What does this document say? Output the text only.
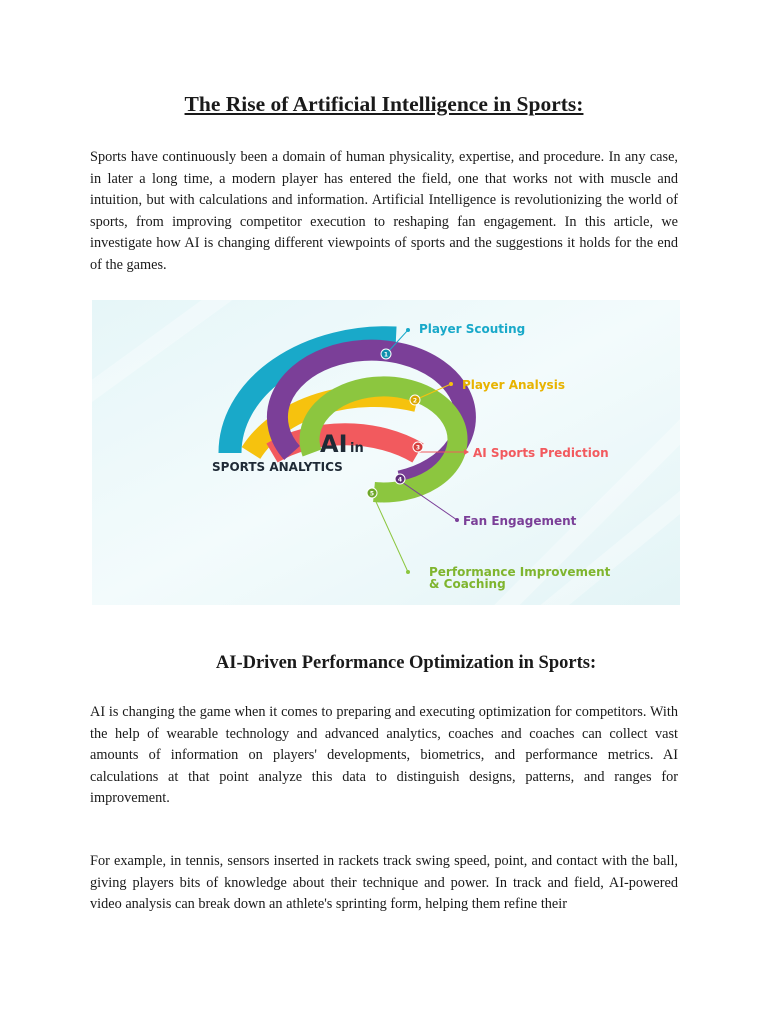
The Rise of Artificial Intelligence in Sports:

Sports have continuously been a domain of human physicality, expertise, and procedure. In any case, in later a long time, a modern player has entered the field, one that works not with muscle and intuition, but with calculations and information. Artificial Intelligence is revolutionizing the world of sports, from improving competitor execution to reshaping fan engagement. In this article, we investigate how AI is changing different viewpoints of sports and the suggestions it holds for the end of the games.

AI in
SPORTS ANALYTICS
1
2
3
4
5
Player Scouting
Player Analysis
AI Sports Prediction
Fan Engagement
Performance Improvement
& Coaching
AI-Driven Performance Optimization in Sports:

AI is changing the game when it comes to preparing and executing optimization for competitors. With the help of wearable technology and advanced analytics, coaches and coaches can collect vast amounts of information on players' developments, biometrics, and performance metrics. AI calculations at that point analyze this data to distinguish designs, patterns, and ranges for improvement.

For example, in tennis, sensors inserted in rackets track swing speed, point, and contact with the ball, giving players bits of knowledge about their technique and power. In track and field, AI-powered video analysis can break down an athlete's sprinting form, helping them refine their
